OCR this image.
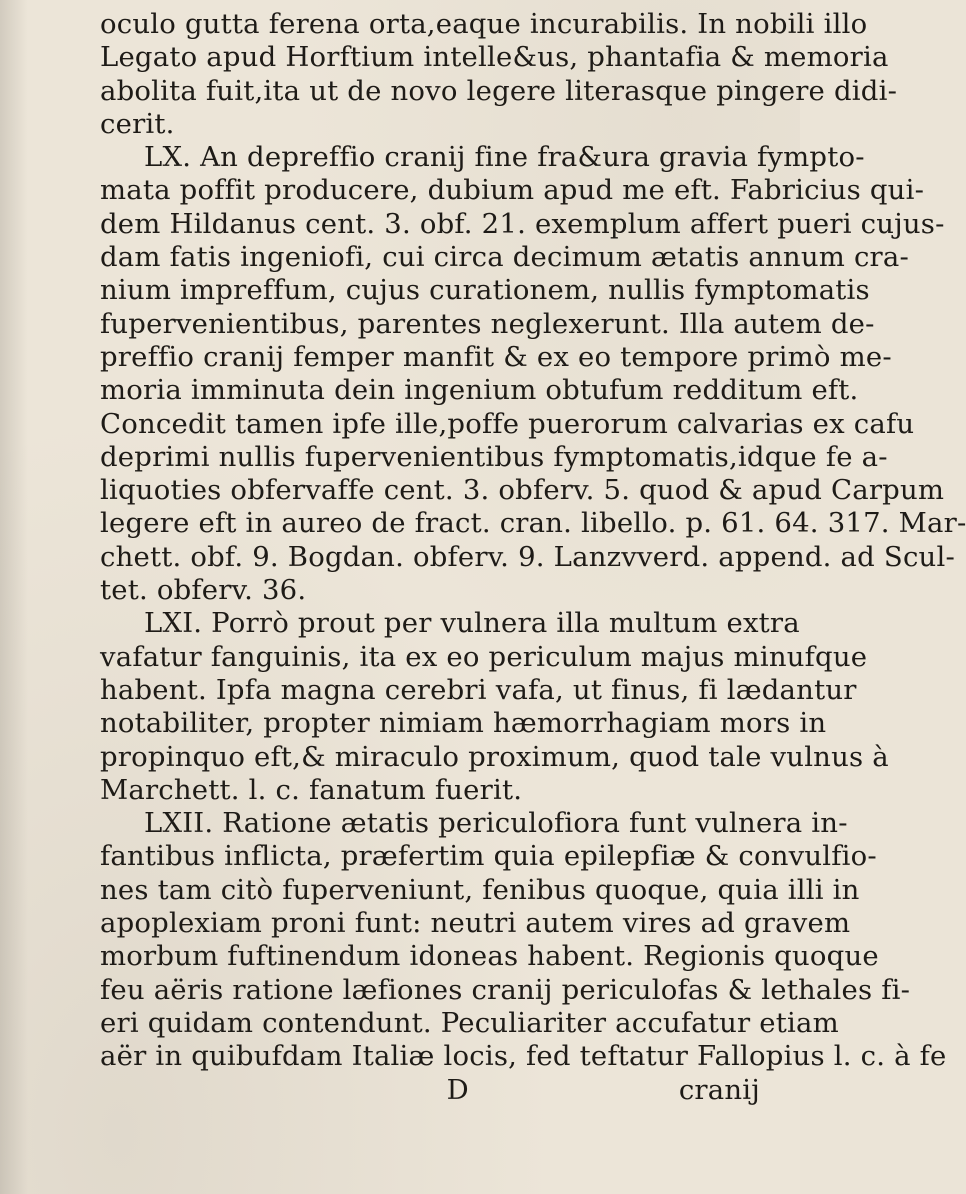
oculo gutta ferena orta,eaque incurabilis. In nobili illo
Legato apud Horftium intelle&us, phantafia & memoria
abolita fuit,ita ut de novo legere literasque pingere didi-
cerit.
LX. An depreffio cranij fine fra&ura gravia fympto-
mata poffit producere, dubium apud me eft. Fabricius qui-
dem Hildanus cent. 3. obf. 21. exemplum affert pueri cujus-
dam fatis ingeniofi, cui circa decimum ætatis annum cra-
nium impreffum, cujus curationem, nullis fymptomatis
fupervenientibus, parentes neglexerunt. Illa autem de-
preffio cranij femper manfit & ex eo tempore primò me-
moria imminuta dein ingenium obtufum redditum eft.
Concedit tamen ipfe ille,poffe puerorum calvarias ex cafu
deprimi nullis fupervenientibus fymptomatis,idque fe a-
liquoties obfervaffe cent. 3. obferv. 5. quod & apud Carpum
legere eft in aureo de fract. cran. libello. p. 61. 64. 317. Mar-
chett. obf. 9. Bogdan. obferv. 9. Lanzvverd. append. ad Scul-
tet. obferv. 36.
LXI. Porrò prout per vulnera illa multum extra
vafatur fanguinis, ita ex eo periculum majus minufque
habent. Ipfa magna cerebri vafa, ut finus, fi lædantur
notabiliter, propter nimiam hæmorrhagiam mors in
propinquo eft,& miraculo proximum, quod tale vulnus à
Marchett. l. c. fanatum fuerit.
LXII. Ratione ætatis periculofiora funt vulnera in-
fantibus inflicta, præfertim quia epilepfiæ & convulfio-
nes tam citò fuperveniunt, fenibus quoque, quia illi in
apoplexiam proni funt: neutri autem vires ad gravem
morbum fuftinendum idoneas habent. Regionis quoque
feu aëris ratione læfiones cranij periculofas & lethales fi-
eri quidam contendunt. Peculiariter accufatur etiam
aër in quibufdam Italiæ locis, fed teftatur Fallopius l. c. à fe
D	cranij
